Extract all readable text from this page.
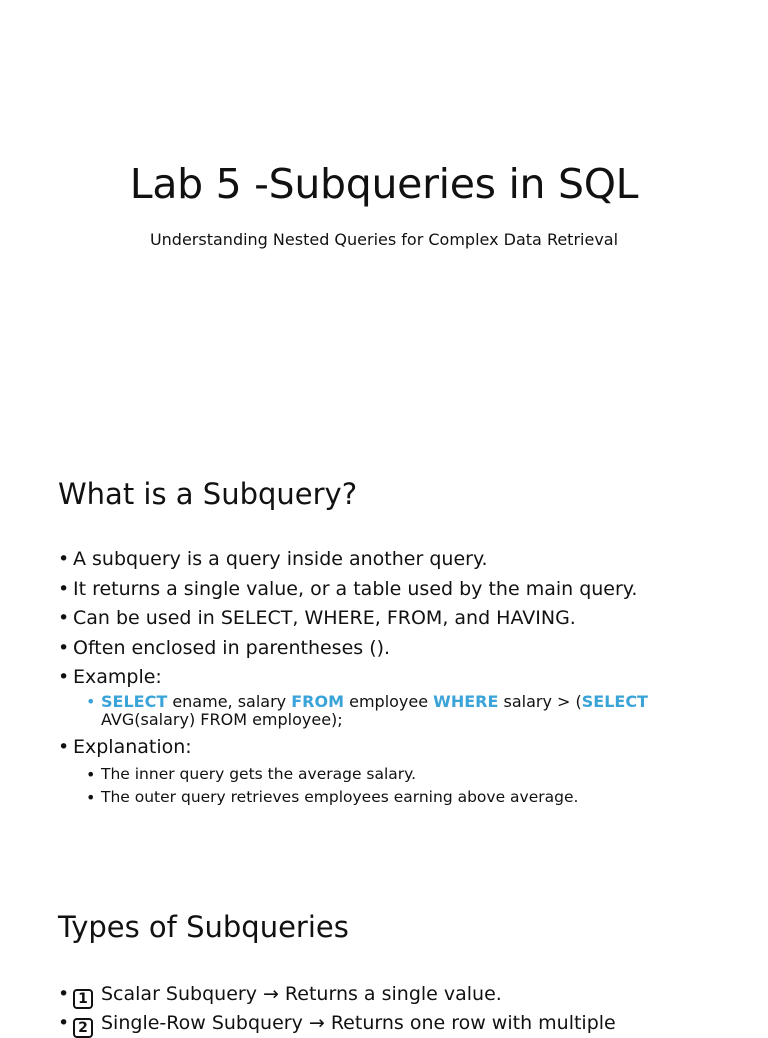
Lab 5 -Subqueries in SQL
Understanding Nested Queries for Complex Data Retrieval
What is a Subquery?
• A subquery is a query inside another query.
• It returns a single value, or a table used by the main query.
• Can be used in SELECT, WHERE, FROM, and HAVING.
• Often enclosed in parentheses ().
• Example:
• SELECT ename, salary FROM employee WHERE salary > (SELECT AVG(salary) FROM employee);
• Explanation:
• The inner query gets the average salary.
• The outer query retrieves employees earning above average.
Types of Subqueries
• 1 Scalar Subquery → Returns a single value.
• 2 Single-Row Subquery → Returns one row with multiple
